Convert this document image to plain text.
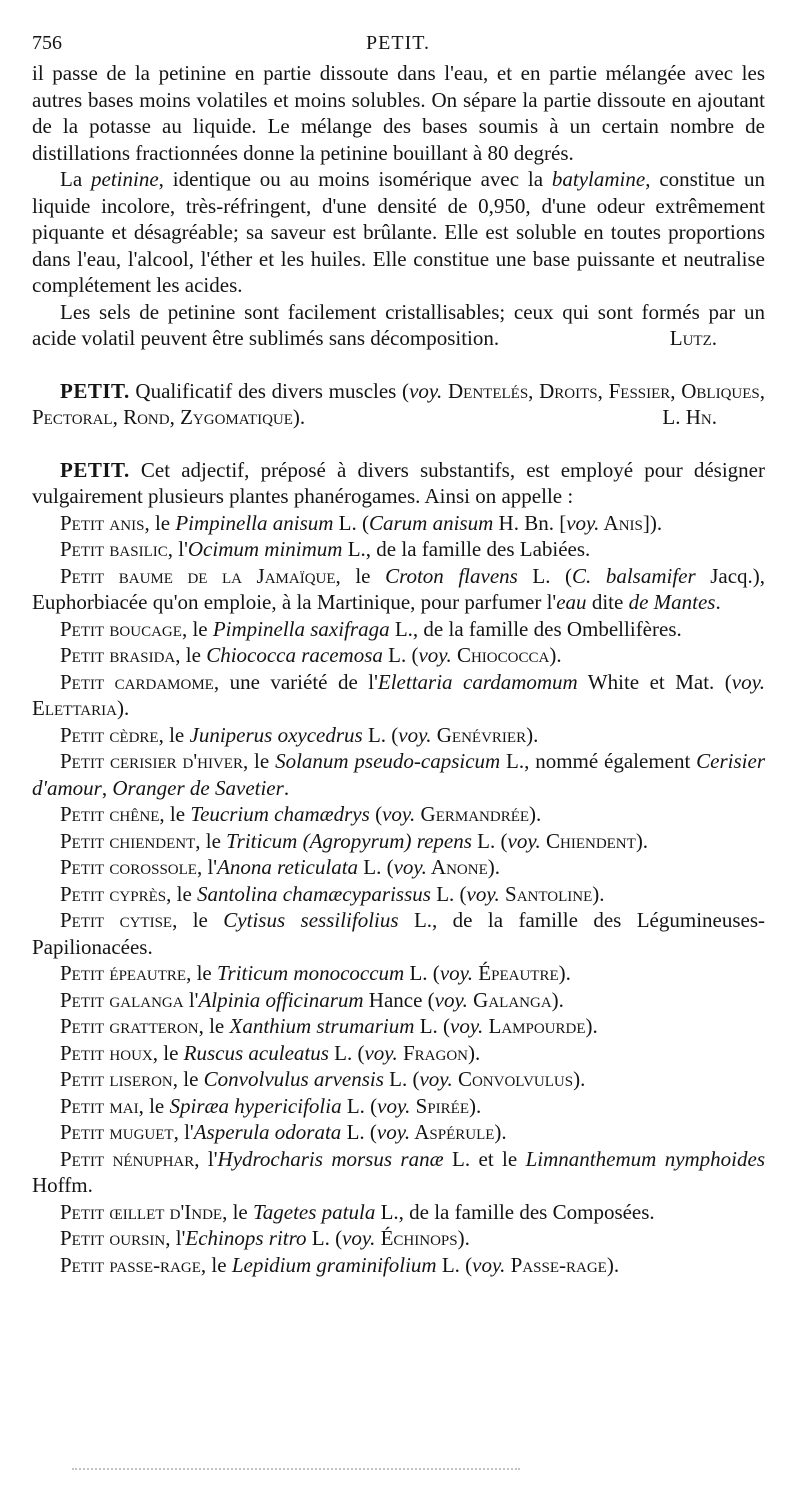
756	PETIT.

il passe de la petinine en partie dissoute dans l'eau, et en partie mélangée avec les autres bases moins volatiles et moins solubles. On sépare la partie dissoute en ajoutant de la potasse au liquide. Le mélange des bases soumis à un certain nombre de distillations fractionnées donne la petinine bouillant à 80 degrés.

La petinine, identique ou au moins isomérique avec la batylamine, constitue un liquide incolore, très-réfringent, d'une densité de 0,950, d'une odeur extrêmement piquante et désagréable; sa saveur est brûlante. Elle est soluble en toutes proportions dans l'eau, l'alcool, l'éther et les huiles. Elle constitue une base puissante et neutralise complétement les acides.

Les sels de petinine sont facilement cristallisables; ceux qui sont formés par un acide volatil peuvent être sublimés sans décomposition.	Lutz.

PETIT. Qualificatif des divers muscles (voy. Dentelés, Droits, Fessier, Obliques, Pectoral, Rond, Zygomatique).	L. Hn.

PETIT. Cet adjectif, préposé à divers substantifs, est employé pour désigner vulgairement plusieurs plantes phanérogames. Ainsi on appelle :

Petit anis, le Pimpinella anisum L. (Carum anisum H. Bn. [voy. Anis]).

Petit basilic, l'Ocimum minimum L., de la famille des Labiées.

Petit baume de la Jamaïque, le Croton flavens L. (C. balsamifer Jacq.), Euphorbiacée qu'on emploie, à la Martinique, pour parfumer l'eau dite de Mantes.

Petit boucage, le Pimpinella saxifraga L., de la famille des Ombellifères.

Petit brasida, le Chiococca racemosa L. (voy. Chiococca).

Petit cardamome, une variété de l'Elettaria cardamomum White et Mat. (voy. Elettaria).

Petit cèdre, le Juniperus oxycedrus L. (voy. Genévrier).

Petit cerisier d'hiver, le Solanum pseudo-capsicum L., nommé également Cerisier d'amour, Oranger de Savetier.

Petit chêne, le Teucrium chamædrys (voy. Germandrée).

Petit chiendent, le Triticum (Agropyrum) repens L. (voy. Chiendent).

Petit corossole, l'Anona reticulata L. (voy. Anone).

Petit cyprès, le Santolina chamæcyparissus L. (voy. Santoline).

Petit cytise, le Cytisus sessilifolius L., de la famille des Légumineuses-Papilionacées.

Petit épeautre, le Triticum monococcum L. (voy. Épeautre).

Petit galanga l'Alpinia officinarum Hance (voy. Galanga).

Petit gratteron, le Xanthium strumarium L. (voy. Lampourde).

Petit houx, le Ruscus aculeatus L. (voy. Fragon).

Petit liseron, le Convolvulus arvensis L. (voy. Convolvulus).

Petit mai, le Spiræa hypericifolia L. (voy. Spirée).

Petit muguet, l'Asperula odorata L. (voy. Aspérule).

Petit nénuphar, l'Hydrocharis morsus ranæ L. et le Limnanthemum nymphoides Hoffm.

Petit œillet d'Inde, le Tagetes patula L., de la famille des Composées.

Petit oursin, l'Echinops ritro L. (voy. Échinops).

Petit passe-rage, le Lepidium graminifolium L. (voy. Passe-rage).
